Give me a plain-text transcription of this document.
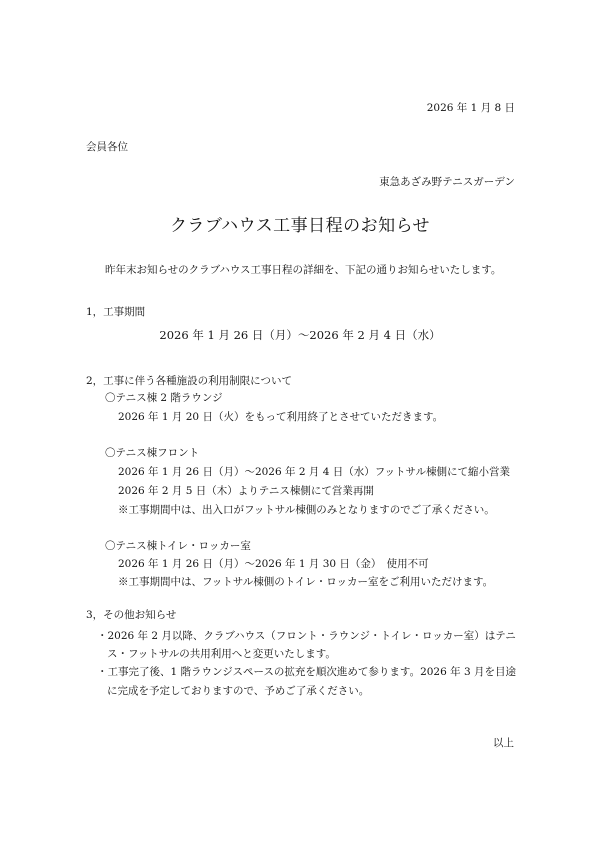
2026 年 1 月 8 日
会員各位
東急あざみ野テニスガーデン
クラブハウス工事日程のお知らせ
昨年末お知らせのクラブハウス工事日程の詳細を、下記の通りお知らせいたします。
1，工事期間
2026 年 1 月 26 日（月）～2026 年 2 月 4 日（水）
2，工事に伴う各種施設の利用制限について
〇テニス棟 2 階ラウンジ
2026 年 1 月 20 日（火）をもって利用終了とさせていただきます。
〇テニス棟フロント
2026 年 1 月 26 日（月）～2026 年 2 月 4 日（水）フットサル棟側にて縮小営業
2026 年 2 月 5 日（木）よりテニス棟側にて営業再開
※工事期間中は、出入口がフットサル棟側のみとなりますのでご了承ください。
〇テニス棟トイレ・ロッカー室
2026 年 1 月 26 日（月）～2026 年 1 月 30 日（金）　使用不可
※工事期間中は、フットサル棟側のトイレ・ロッカー室をご利用いただけます。
3，その他お知らせ
・2026 年 2 月以降、クラブハウス（フロント・ラウンジ・トイレ・ロッカー室）はテニ
ス・フットサルの共用利用へと変更いたします。
・工事完了後、1 階ラウンジスペースの拡充を順次進めて参ります。2026 年 3 月を目途
に完成を予定しておりますので、予めご了承ください。
以上
